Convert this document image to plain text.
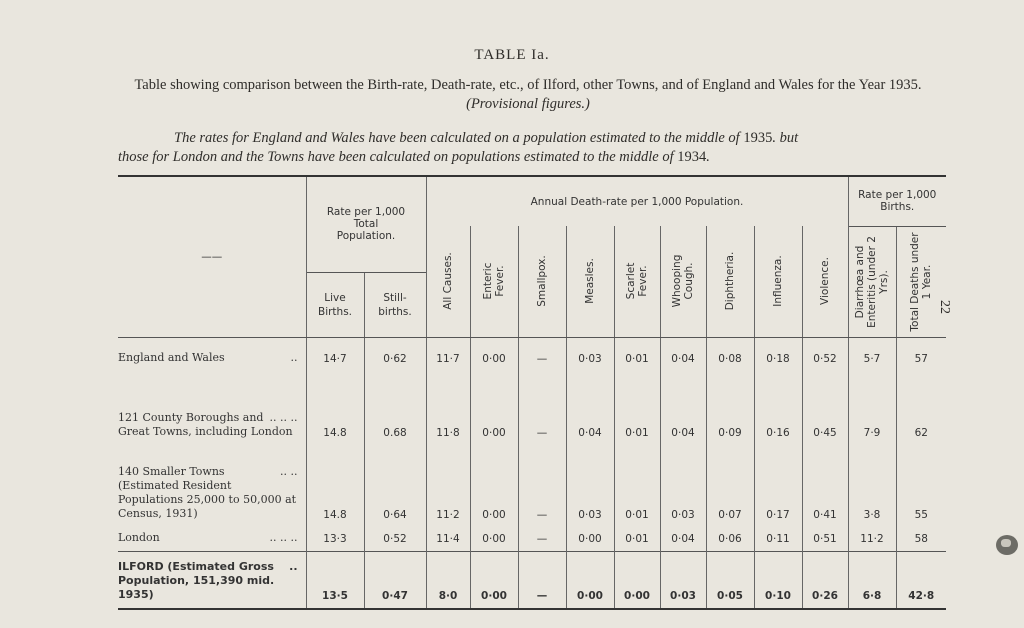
TABLE Ia.
Table showing comparison between the Birth-rate, Death-rate, etc., of Ilford, other Towns, and of England and Wales for the Year 1935. (Provisional figures.)
The rates for England and Wales have been calculated on a population estimated to the middle of 1935. but
those for London and the Towns have been calculated on populations estimated to the middle of 1934.
——	Rate per 1,000 Total Population.		Annual Death-rate per 1,000 Population.									Rate per 1,000 Births.	

			All Causes.	Enteric Fever.	Smallpox.	Measles.	Scarlet Fever.	Whooping Cough.	Diphtheria.	Influenza.	Violence.	Diarrhœa and Enteritis (under 2 Yrs).	Total Deaths under 1 Year.

	Live Births.	Still-births.											

..
England and Wales	14·7	0·62	11·7	0·00	—	0·03	0·01	0·04	0·08	0·18	0·52	5·7	57

.. .. ..
121 County Boroughs and Great Towns, including London	14.8	0.68	11·8	0·00	—	0·04	0·01	0·04	0·09	0·16	0·45	7·9	62

.. ..
140 Smaller Towns (Estimated Resident Populations 25,000 to 50,000 at Census, 1931)	14.8	0·64	11·2	0·00	—	0·03	0·01	0·03	0·07	0·17	0·41	3·8	55

.. .. ..
London	13·3	0·52	11·4	0·00	—	0·00	0·01	0·04	0·06	0·11	0·51	11·2	58

..
ILFORD (Estimated Gross Population, 151,390 mid. 1935)	13·5	0·47	8·0	0·00	—	0·00	0·00	0·03	0·05	0·10	0·26	6·8	42·8
22
